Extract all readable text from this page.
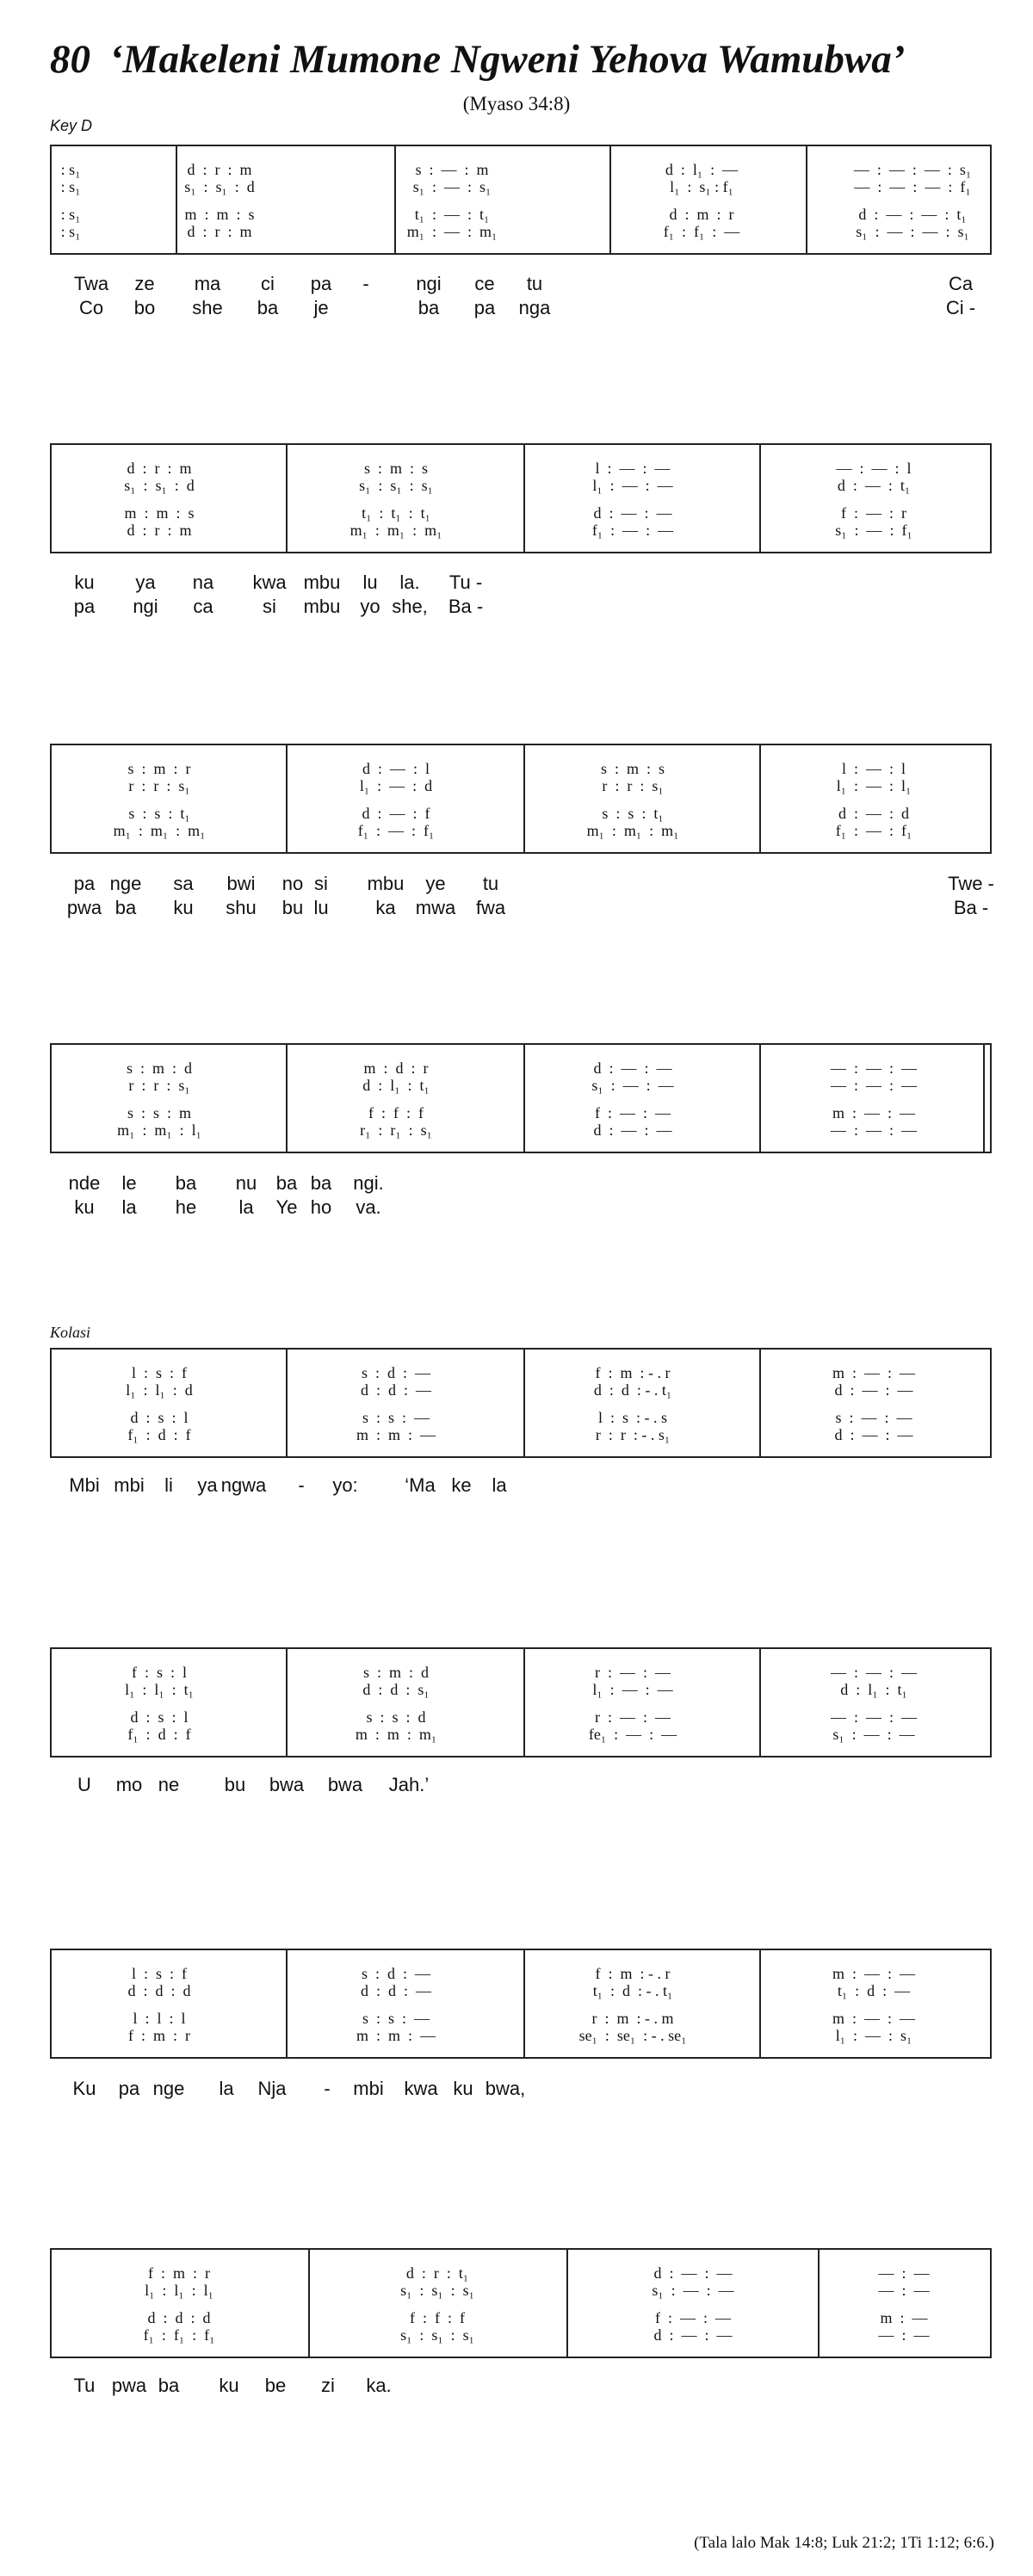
80 ‘Makeleni Mumone Ngweni Yehova Wamubwa’
(Myaso 34:8)
Key D
Kolasi
(Tala lalo Mak 14:8; Luk 21:2; 1Ti 1:12; 6:6.)
: s₁	d  :  r  :  m	s  :  —  :  m	d  :  l₁  :  —	—  :  —  :  —  :  s₁
: s₁	s₁  :  s₁  :  d	s₁  :  —  :  s₁	l₁  :  s₁ : f₁	—  :  —  :  —  :  f₁
: s₁	m  :  m  :  s	t₁  :  —  :  t₁	d  :  m  :  r	d  :  —  :  —  :  t₁
: s₁	d  :  r  :  m	m₁  :  —  :  m₁	f₁  :  f₁  :  —	s₁  :  —  :  —  :  s₁
Twa	ze	ma	ci	pa	-	ngi	ce	tu	Ca
Co	bo	she	ba	je	ba	pa	nga	Ci -
d  :  r  :  m	s  :  m  :  s	l  :  —  :  —	—  :  —  :  l
s₁  :  s₁  :  d	s₁  :  s₁  :  s₁	l₁  :  —  :  —	d  :  —  :  t₁
m  :  m  :  s	t₁  :  t₁  :  t₁	d  :  —  :  —	f  :  —  :  r
d  :  r  :  m	m₁  :  m₁  :  m₁	f₁  :  —  :  —	s₁  :  —  :  f₁
ku	ya	na	kwa mbu	lu	la.	Tu -
pa	ngi	ca	si	mbu	yo she,	Ba -
s  :  m  :  r	d  :  —  :  l	s  :  m  :  s	l  :  —  :  l
r  :  r  :  s₁	l₁  :  —  :  d	r  :  r  :  s₁	l₁  :  —  :  l₁
s  :  s  :  t₁	d  :  —  :  f	s  :  s  :  t₁	d  :  —  :  d
m₁  :  m₁  :  m₁	f₁  :  —  :  f₁	m₁  :  m₁  :  m₁	f₁  :  —  :  f₁
pa nge	sa	bwi	no si	mbu	ye	tu	Twe -
pwa ba	ku	shu	bu lu	ka	mwa	fwa	Ba -
s  :  m  :  d	m  :  d  :  r	d  :  —  :  —	—  :  —  :  —
r  :  r  :  s₁	d  :  l₁  :  t₁	s₁  :  —  :  —	—  :  —  :  —
s  :  s  :  m	f  :  f  :  f	f  :  —  :  —	m  :  —  :  —
m₁  :  m₁  :  l₁	r₁  :  r₁  :  s₁	d  :  —  :  —	—  :  —  :  —
nde	le	ba	nu	ba ba	ngi.
ku	la	he	la	Ye ho	va.
l  :  s  :  f	s  :  d  :  —	f  :  m  : - . r	m  :  —  :  —
l₁  :  l₁  :  d	d  :  d  :  —	d  :  d  : - . t₁	d  :  —  :  —
d  :  s  :  l	s  :  s  :  —	l  :  s  : - . s	s  :  —  :  —
f₁  :  d  :  f	m  :  m  :  —	r  :  r  : - . s₁	d  :  —  :  —
Mbi mbi	li	ya ngwa	-	yo:	‘Ma ke	la
f  :  s  :  l	s  :  m  :  d	r  :  —  :  —	—  :  —  :  —
l₁  :  l₁  :  t₁	d  :  d  :  s₁	l₁  :  —  :  —	d  :  l₁  :  t₁
d  :  s  :  l	s  :  s  :  d	r  :  —  :  —	—  :  —  :  —
f₁  :  d  :  f	m  :  m  :  m₁	fe₁  :  —  :  —	s₁  :  —  :  —
U	mo ne	bu	bwa	bwa	Jah.’
l  :  s  :  f	s  :  d  :  —	f  :  m  : - . r	m  :  —  :  —
d  :  d  :  d	d  :  d  :  —	t₁  :  d  : - . t₁	t₁  :  d  :  —
l  :  l  :  l	s  :  s  :  —	r  :  m  : - . m	m  :  —  :  —
f  :  m  :  r	m  :  m  :  —	se₁  :  se₁  : - . se₁	l₁  :  —  :  s₁
Ku	pa nge	la	Nja	-	mbi	kwa ku bwa,
f  :  m  :  r	d  :  r  :  t₁	d  :  —  :  —	—  :  —
l₁  :  l₁  :  l₁	s₁  :  s₁  :  s₁	s₁  :  —  :  —	—  :  —
d  :  d  :  d	f  :  f  :  f	f  :  —  :  —	m  :  —
f₁  :  f₁  :  f₁	s₁  :  s₁  :  s₁	d  :  —  :  —	—  :  —
Tu pwa ba	ku	be	zi	ka.
